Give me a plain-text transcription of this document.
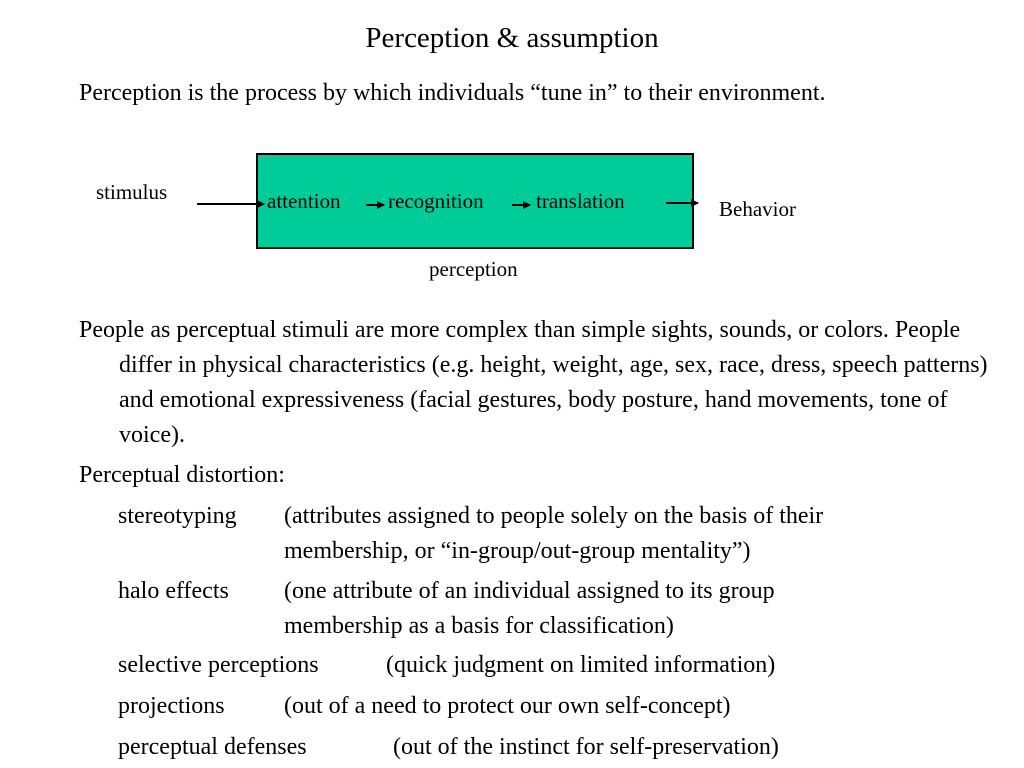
Perception & assumption
Perception is the process by which individuals “tune in” to their environment.
stimulus	attention recognition translation	Behavior
perception
People as perceptual stimuli are more complex than simple sights, sounds, or colors. People differ in physical characteristics (e.g. height, weight, age, sex, race, dress, speech patterns) and emotional expressiveness (facial gestures, body posture, hand movements, tone of voice).
Perceptual distortion:
stereotyping (attributes assigned to people solely on the basis of their membership, or “in-group/out-group mentality”)
halo effects (one attribute of an individual assigned to its group membership as a basis for classification)
selective perceptions	(quick judgment on limited information)
projections (out of a need to protect our own self-concept)
perceptual defenses	(out of the instinct for self-preservation)
